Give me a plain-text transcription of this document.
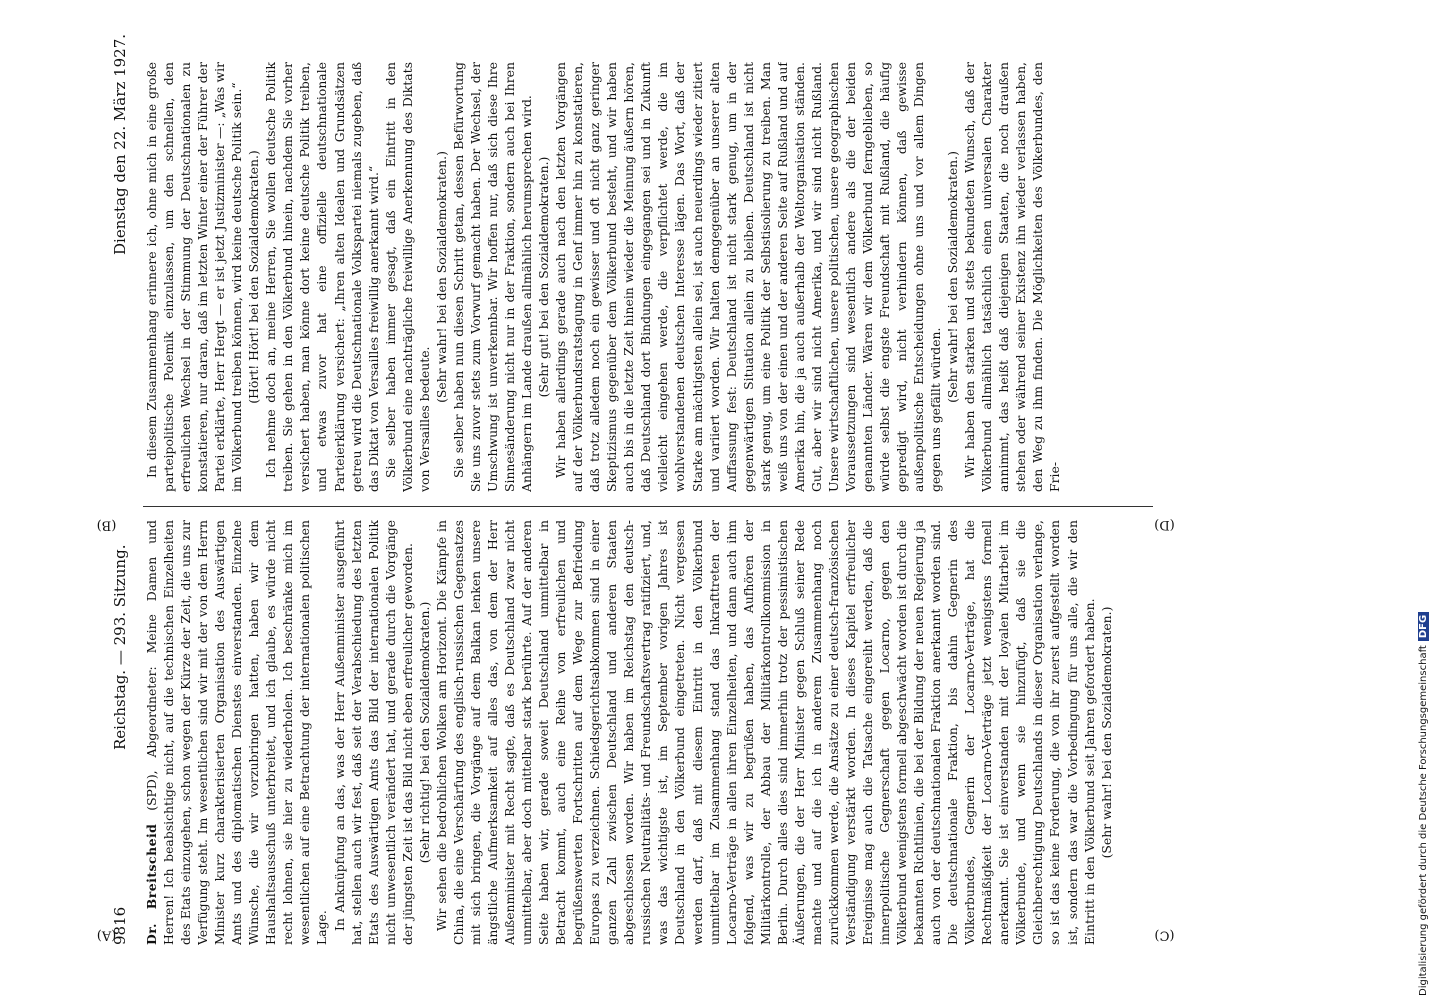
9816
Reichstag. — 293. Sitzung.
Dienstag den 22. März 1927.
(A)
(B)
(C)
(D)

Dr. Breitscheid (SPD), Abgeordneter: Meine Damen und Herren! Ich beabsichtige nicht, auf die technischen Einzelheiten des Etats einzugehen, schon wegen der Kürze der Zeit, die uns zur Verfügung steht. Im wesentlichen sind wir mit der von dem Herrn Minister kurz charakterisierten Organisation des Auswärtigen Amts und des diplomatischen Dienstes einverstanden. Einzelne Wünsche, die wir vorzubringen hatten, haben wir dem Haushaltsausschuß unterbreitet, und ich glaube, es würde nicht recht lohnen, sie hier zu wiederholen. Ich beschränke mich im wesentlichen auf eine Betrachtung der internationalen politischen Lage. In Anknüpfung an das, was der Herr Außenminister ausgeführt hat, stellen auch wir fest, daß seit der Verabschiedung des letzten Etats des Auswärtigen Amts das Bild der internationalen Politik nicht unwesentlich verändert hat, und gerade durch die Vorgänge der jüngsten Zeit ist das Bild nicht eben erfreulicher geworden. (Sehr richtig! bei den Sozialdemokraten.) Wir sehen die bedrohlichen Wolken am Horizont. Die Kämpfe in China, die eine Verschärfung des englisch-russischen Gegensatzes mit sich bringen, die Vorgänge auf dem Balkan lenken unsere ängstliche Aufmerksamkeit auf alles das, von dem der Herr Außenminister mit Recht sagte, daß es Deutschland zwar nicht unmittelbar, aber doch mittelbar stark berührte. Auf der anderen Seite haben wir, gerade soweit Deutschland unmittelbar in Betracht kommt, auch eine Reihe von erfreulichen und begrüßenswerten Fortschritten auf dem Wege zur Befriedung Europas zu verzeichnen. Schiedsgerichtsabkommen sind in einer ganzen Zahl zwischen Deutschland und anderen Staaten abgeschlossen worden. Wir haben im Reichstag den deutsch-russischen Neutralitäts- und Freundschaftsvertrag ratifiziert, und, was das wichtigste ist, im September vorigen Jahres ist Deutschland in den Völkerbund eingetreten. Nicht vergessen werden darf, daß mit diesem Eintritt in den Völkerbund unmittelbar im Zusammenhang stand das Inkrafttreten der Locarno-Verträge in allen ihren Einzelheiten, und dann auch ihm folgend, was wir zu begrüßen haben, das Aufhören der Militärkontrolle, der Abbau der Militärkontrollkommission in Berlin. Durch alles dies sind immerhin trotz der pessimistischen Äußerungen, die der Herr Minister gegen Schluß seiner Rede machte und auf die ich in anderem Zusammenhang noch zurückkommen werde, die Ansätze zu einer deutsch-französischen Verständigung verstärkt worden. In dieses Kapitel erfreulicher Ereignisse mag auch die Tatsache eingereiht werden, daß die innerpolitische Gegnerschaft gegen Locarno, gegen den Völkerbund wenigstens formell abgeschwächt worden ist durch die bekannten Richtlinien, die bei der Bildung der neuen Regierung ja auch von der deutschnationalen Fraktion anerkannt worden sind. Die deutschnationale Fraktion, bis dahin Gegnerin des Völkerbundes, Gegnerin der Locarno-Verträge, hat die Rechtmäßigkeit der Locarno-Verträge jetzt wenigstens formell anerkannt. Sie ist einverstanden mit der loyalen Mitarbeit im Völkerbunde, und wenn sie hinzufügt, daß sie die Gleichberechtigung Deutschlands in dieser Organisation verlange, so ist das keine Forderung, die von ihr zuerst aufgestellt worden ist, sondern das war die Vorbedingung für uns alle, die wir den Eintritt in den Völkerbund seit Jahren gefordert haben. (Sehr wahr! bei den Sozialdemokraten.)

In diesem Zusammenhang erinnere ich, ohne mich in eine große parteipolitische Polemik einzulassen, um den schnellen, den erfreulichen Wechsel in der Stimmung der Deutschnationalen zu konstatieren, nur daran, daß im letzten Winter einer der Führer der Partei erklärte, Herr Hergt — er ist jetzt Justizminister —: „Was wir im Völkerbund treiben können, wird keine deutsche Politik sein.“ (Hört! Hört! bei den Sozialdemokraten.) Ich nehme doch an, meine Herren, Sie wollen deutsche Politik treiben. Sie gehen in den Völkerbund hinein, nachdem Sie vorher versichert haben, man könne dort keine deutsche Politik treiben, und etwas zuvor hat eine offizielle deutschnationale Parteierklärung versichert: „Ihren alten Idealen und Grundsätzen getreu wird die Deutschnationale Volkspartei niemals zugeben, daß das Diktat von Versailles freiwillig anerkannt wird.“ Sie selber haben immer gesagt, daß ein Eintritt in den Völkerbund eine nachträgliche freiwillige Anerkennung des Diktats von Versailles bedeute.

(Sehr wahr! bei den Sozialdemokraten.) Sie selber haben nun diesen Schritt getan, dessen Befürwortung Sie uns zuvor stets zum Vorwurf gemacht haben. Der Wechsel, der Umschwung ist unverkennbar. Wir hoffen nur, daß sich diese Ihre Sinnesänderung nicht nur in der Fraktion, sondern auch bei Ihren Anhängern im Lande draußen allmählich herumsprechen wird. (Sehr gut! bei den Sozialdemokraten.) Wir haben allerdings gerade auch nach den letzten Vorgängen auf der Völkerbundsratstagung in Genf immer hin zu konstatieren, daß trotz alledem noch ein gewisser und oft nicht ganz geringer Skeptizismus gegenüber dem Völkerbund besteht, und wir haben auch bis in die letzte Zeit hinein wieder die Meinung äußern hören, daß Deutschland dort Bindungen eingegangen sei und in Zukunft vielleicht eingehen werde, die verpflichtet werde, die im wohlverstandenen deutschen Interesse lägen. Das Wort, daß der Starke am mächtigsten allein sei, ist auch neuerdings wieder zitiert und variiert worden. Wir halten demgegenüber an unserer alten Auffassung fest: Deutschland ist nicht stark genug, um in der gegenwärtigen Situation allein zu bleiben. Deutschland ist nicht stark genug, um eine Politik der Selbstisolierung zu treiben. Man weiß uns von der einen und der anderen Seite auf Rußland und auf Amerika hin, die ja auch außerhalb der Weltorganisation ständen. Gut, aber wir sind nicht Amerika, und wir sind nicht Rußland. Unsere wirtschaftlichen, unsere politischen, unsere geographischen Voraussetzungen sind wesentlich andere als die der beiden genannten Länder. Wären wir dem Völkerbund ferngeblieben, so würde selbst die engste Freundschaft mit Rußland, die häufig gepredigt wird, nicht verhindern können, daß gewisse außenpolitische Entscheidungen ohne uns und vor allem Dingen gegen uns gefällt würden.

(Sehr wahr! bei den Sozialdemokraten.) Wir haben den starken und stets bekundeten Wunsch, daß der Völkerbund allmählich tatsächlich einen universalen Charakter annimmt, das heißt daß diejenigen Staaten, die noch draußen stehen oder während seiner Existenz ihn wieder verlassen haben, den Weg zu ihm finden. Die Möglichkeiten des Völkerbundes, den Frie-

Digitalisierung gefördert durch die Deutsche ForschungsgemeinschaftDFG
